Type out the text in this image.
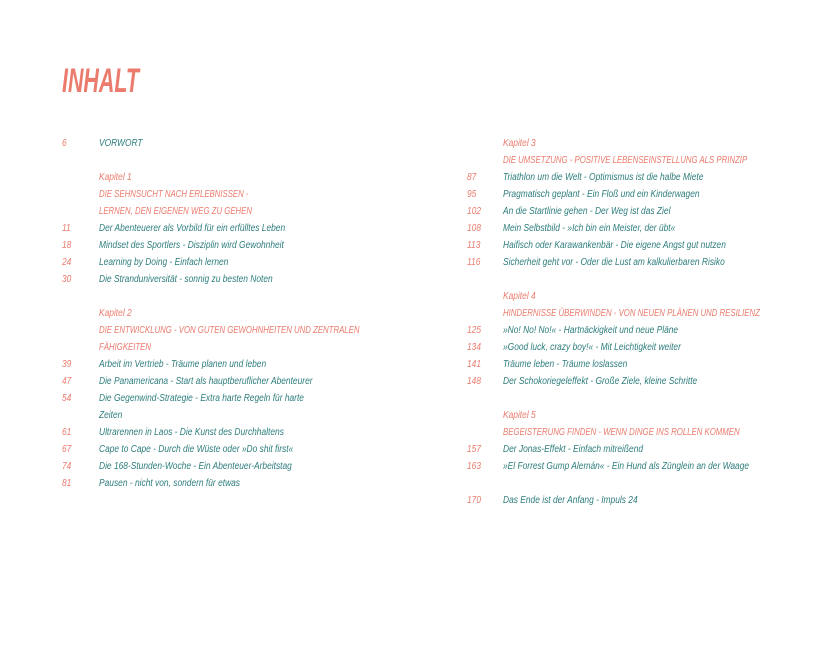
INHALT
6	VORWORT
Kapitel 1
DIE SEHNSUCHT NACH ERLEBNISSEN -
LERNEN, DEN EIGENEN WEG ZU GEHEN
11	Der Abenteuerer als Vorbild für ein erfülltes Leben
18	Mindset des Sportlers - Disziplin wird Gewohnheit
24	Learning by Doing - Einfach lernen
30	Die Stranduniversität - sonnig zu besten Noten
Kapitel 2
DIE ENTWICKLUNG - VON GUTEN GEWOHNHEITEN UND ZENTRALEN
FÄHIGKEITEN
39	Arbeit im Vertrieb - Träume planen und leben
47	Die Panamericana - Start als hauptberuflicher Abenteurer
54	Die Gegenwind-Strategie - Extra harte Regeln für harte
Zeiten
61	Ultrarennen in Laos - Die Kunst des Durchhaltens
67	Cape to Cape - Durch die Wüste oder »Do shit first«
74	Die 168-Stunden-Woche - Ein Abenteuer-Arbeitstag
81	Pausen - nicht von, sondern für etwas
Kapitel 3
DIE UMSETZUNG - POSITIVE LEBENSEINSTELLUNG ALS PRINZIP
87	Triathlon um die Welt - Optimismus ist die halbe Miete
95	Pragmatisch geplant - Ein Floß und ein Kinderwagen
102	An die Startlinie gehen - Der Weg ist das Ziel
108	Mein Selbstbild - »Ich bin ein Meister, der übt«
113	Haifisch oder Karawankenbär - Die eigene Angst gut nutzen
116	Sicherheit geht vor - Oder die Lust am kalkulierbaren Risiko
Kapitel 4
HINDERNISSE ÜBERWINDEN - VON NEUEN PLÄNEN UND RESILIENZ
125	»No! No! No!« - Hartnäckigkeit und neue Pläne
134	»Good luck, crazy boy!« - Mit Leichtigkeit weiter
141	Träume leben - Träume loslassen
148	Der Schokoriegeleffekt - Große Ziele, kleine Schritte
Kapitel 5
BEGEISTERUNG FINDEN - WENN DINGE INS ROLLEN KOMMEN
157	Der Jonas-Effekt - Einfach mitreißend
163	»El Forrest Gump Alemán« - Ein Hund als Zünglein an der Waage
170	Das Ende ist der Anfang - Impuls 24
